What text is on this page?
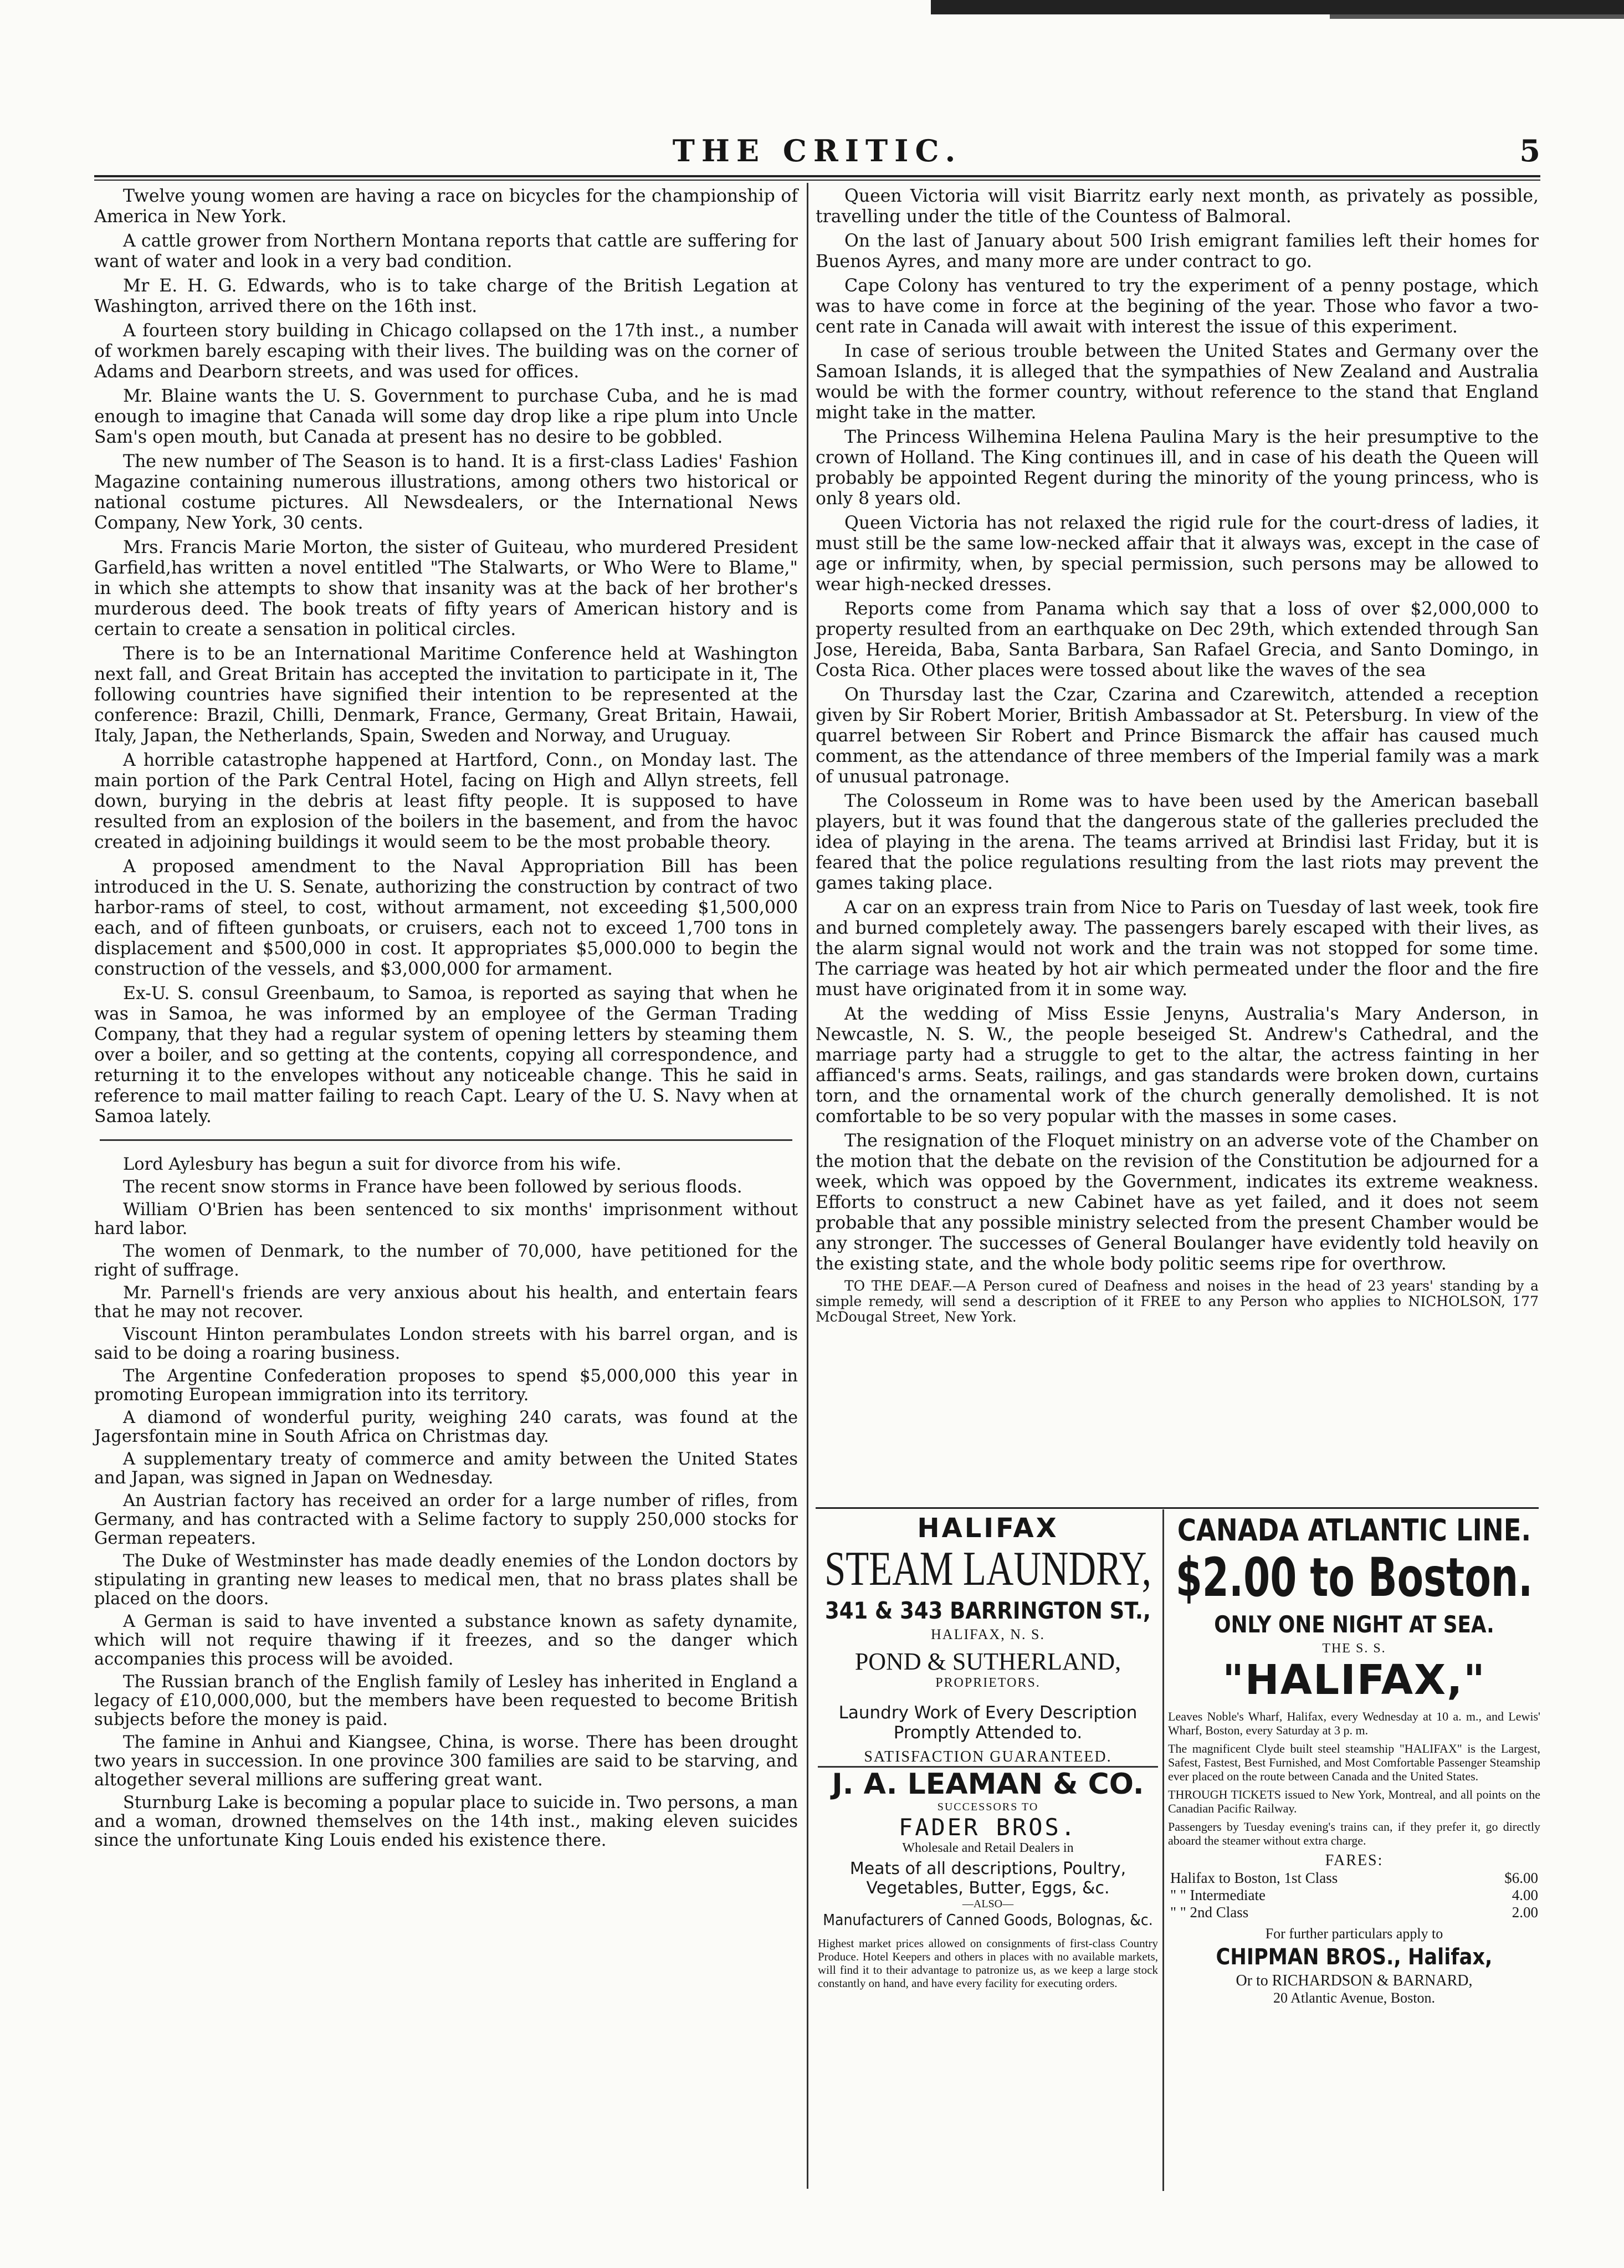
THE CRITIC.	5

Twelve young women are having a race on bicycles for the championship of America in New York.

A cattle grower from Northern Montana reports that cattle are suffering for want of water and look in a very bad condition.

Mr E. H. G. Edwards, who is to take charge of the British Legation at Washington, arrived there on the 16th inst.

A fourteen story building in Chicago collapsed on the 17th inst., a number of workmen barely escaping with their lives. The building was on the corner of Adams and Dearborn streets, and was used for offices.

Mr. Blaine wants the U. S. Government to purchase Cuba, and he is mad enough to imagine that Canada will some day drop like a ripe plum into Uncle Sam's open mouth, but Canada at present has no desire to be gobbled.

The new number of The Season is to hand. It is a first-class Ladies' Fashion Magazine containing numerous illustrations, among others two historical or national costume pictures. All Newsdealers, or the International News Company, New York, 30 cents.

Mrs. Francis Marie Morton, the sister of Guiteau, who murdered President Garfield,has written a novel entitled "The Stalwarts, or Who Were to Blame," in which she attempts to show that insanity was at the back of her brother's murderous deed. The book treats of fifty years of American history and is certain to create a sensation in political circles.

There is to be an International Maritime Conference held at Washington next fall, and Great Britain has accepted the invitation to participate in it, The following countries have signified their intention to be represented at the conference: Brazil, Chilli, Denmark, France, Germany, Great Britain, Hawaii, Italy, Japan, the Netherlands, Spain, Sweden and Norway, and Uruguay.

A horrible catastrophe happened at Hartford, Conn., on Monday last. The main portion of the Park Central Hotel, facing on High and Allyn streets, fell down, burying in the debris at least fifty people. It is supposed to have resulted from an explosion of the boilers in the basement, and from the havoc created in adjoining buildings it would seem to be the most probable theory.

A proposed amendment to the Naval Appropriation Bill has been introduced in the U. S. Senate, authorizing the construction by contract of two harbor-rams of steel, to cost, without armament, not exceeding $1,500,000 each, and of fifteen gunboats, or cruisers, each not to exceed 1,700 tons in displacement and $500,000 in cost. It appropriates $5,000.000 to begin the construction of the vessels, and $3,000,000 for armament.

Ex-U. S. consul Greenbaum, to Samoa, is reported as saying that when he was in Samoa, he was informed by an employee of the German Trading Company, that they had a regular system of opening letters by steaming them over a boiler, and so getting at the contents, copying all correspondence, and returning it to the envelopes without any noticeable change. This he said in reference to mail matter failing to reach Capt. Leary of the U. S. Navy when at Samoa lately.

Lord Aylesbury has begun a suit for divorce from his wife.

The recent snow storms in France have been followed by serious floods.

William O'Brien has been sentenced to six months' imprisonment without hard labor.

The women of Denmark, to the number of 70,000, have petitioned for the right of suffrage.

Mr. Parnell's friends are very anxious about his health, and entertain fears that he may not recover.

Viscount Hinton perambulates London streets with his barrel organ, and is said to be doing a roaring business.

The Argentine Confederation proposes to spend $5,000,000 this year in promoting European immigration into its territory.

A diamond of wonderful purity, weighing 240 carats, was found at the Jagersfontain mine in South Africa on Christmas day.

A supplementary treaty of commerce and amity between the United States and Japan, was signed in Japan on Wednesday.

An Austrian factory has received an order for a large number of rifles, from Germany, and has contracted with a Selime factory to supply 250,000 stocks for German repeaters.

The Duke of Westminster has made deadly enemies of the London doctors by stipulating in granting new leases to medical men, that no brass plates shall be placed on the doors.

A German is said to have invented a substance known as safety dynamite, which will not require thawing if it freezes, and so the danger which accompanies this process will be avoided.

The Russian branch of the English family of Lesley has inherited in England a legacy of £10,000,000, but the members have been requested to become British subjects before the money is paid.

The famine in Anhui and Kiangsee, China, is worse. There has been drought two years in succession. In one province 300 families are said to be starving, and altogether several millions are suffering great want.

Sturnburg Lake is becoming a popular place to suicide in. Two persons, a man and a woman, drowned themselves on the 14th inst., making eleven suicides since the unfortunate King Louis ended his existence there.

Queen Victoria will visit Biarritz early next month, as privately as possible, travelling under the title of the Countess of Balmoral.

On the last of January about 500 Irish emigrant families left their homes for Buenos Ayres, and many more are under contract to go.

Cape Colony has ventured to try the experiment of a penny postage, which was to have come in force at the begining of the year. Those who favor a two-cent rate in Canada will await with interest the issue of this experiment.

In case of serious trouble between the United States and Germany over the Samoan Islands, it is alleged that the sympathies of New Zealand and Australia would be with the former country, without reference to the stand that England might take in the matter.

The Princess Wilhemina Helena Paulina Mary is the heir presumptive to the crown of Holland. The King continues ill, and in case of his death the Queen will probably be appointed Regent during the minority of the young princess, who is only 8 years old.

Queen Victoria has not relaxed the rigid rule for the court-dress of ladies, it must still be the same low-necked affair that it always was, except in the case of age or infirmity, when, by special permission, such persons may be allowed to wear high-necked dresses.

Reports come from Panama which say that a loss of over $2,000,000 to property resulted from an earthquake on Dec 29th, which extended through San Jose, Hereida, Baba, Santa Barbara, San Rafael Grecia, and Santo Domingo, in Costa Rica. Other places were tossed about like the waves of the sea

On Thursday last the Czar, Czarina and Czarewitch, attended a reception given by Sir Robert Morier, British Ambassador at St. Petersburg. In view of the quarrel between Sir Robert and Prince Bismarck the affair has caused much comment, as the attendance of three members of the Imperial family was a mark of unusual patronage.

The Colosseum in Rome was to have been used by the American baseball players, but it was found that the dangerous state of the galleries precluded the idea of playing in the arena. The teams arrived at Brindisi last Friday, but it is feared that the police regulations resulting from the last riots may prevent the games taking place.

A car on an express train from Nice to Paris on Tuesday of last week, took fire and burned completely away. The passengers barely escaped with their lives, as the alarm signal would not work and the train was not stopped for some time. The carriage was heated by hot air which permeated under the floor and the fire must have originated from it in some way.

At the wedding of Miss Essie Jenyns, Australia's Mary Anderson, in Newcastle, N. S. W., the people beseiged St. Andrew's Cathedral, and the marriage party had a struggle to get to the altar, the actress fainting in her affianced's arms. Seats, railings, and gas standards were broken down, curtains torn, and the ornamental work of the church generally demolished. It is not comfortable to be so very popular with the masses in some cases.

The resignation of the Floquet ministry on an adverse vote of the Chamber on the motion that the debate on the revision of the Constitution be adjourned for a week, which was oppoed by the Government, indicates its extreme weakness. Efforts to construct a new Cabinet have as yet failed, and it does not seem probable that any possible ministry selected from the present Chamber would be any stronger. The successes of General Boulanger have evidently told heavily on the existing state, and the whole body politic seems ripe for overthrow.

TO THE DEAF.—A Person cured of Deafness and noises in the head of 23 years' standing by a simple remedy, will send a description of it FREE to any Person who applies to NICHOLSON, 177 McDougal Street, New York.

HALIFAX
STEAM LAUNDRY,
341 & 343 BARRINGTON ST.,
HALIFAX, N. S.
POND & SUTHERLAND,
PROPRIETORS.
Laundry Work of Every Description
Promptly Attended to.
SATISFACTION GUARANTEED.
J. A. LEAMAN & CO.
SUCCESSORS TO
FADER BROS.
Wholesale and Retail Dealers in
Meats of all descriptions, Poultry,
Vegetables, Butter, Eggs, &c.
—ALSO—
Manufacturers of Canned Goods, Bolognas, &c.
Highest market prices allowed on consignments of first-class Country Produce. Hotel Keepers and others in places with no available markets, will find it to their advantage to patronize us, as we keep a large stock constantly on hand, and have every facility for executing orders.
CANADA ATLANTIC LINE.
$2.00 to Boston.
ONLY ONE NIGHT AT SEA.
THE S. S.
"HALIFAX,"
Leaves Noble's Wharf, Halifax, every Wednesday at 10 a. m., and Lewis' Wharf, Boston, every Saturday at 3 p. m.
The magnificent Clyde built steel steamship "HALIFAX" is the Largest, Safest, Fastest, Best Furnished, and Most Comfortable Passenger Steamship ever placed on the route between Canada and the United States.
THROUGH TICKETS issued to New York, Montreal, and all points on the Canadian Pacific Railway.
Passengers by Tuesday evening's trains can, if they prefer it, go directly aboard the steamer without extra charge.
FARES:
Halifax to Boston, 1st Class	$6.00
" " Intermediate	4.00
" " 2nd Class	2.00
For further particulars apply to
CHIPMAN BROS., Halifax,
Or to RICHARDSON & BARNARD,
20 Atlantic Avenue, Boston.
